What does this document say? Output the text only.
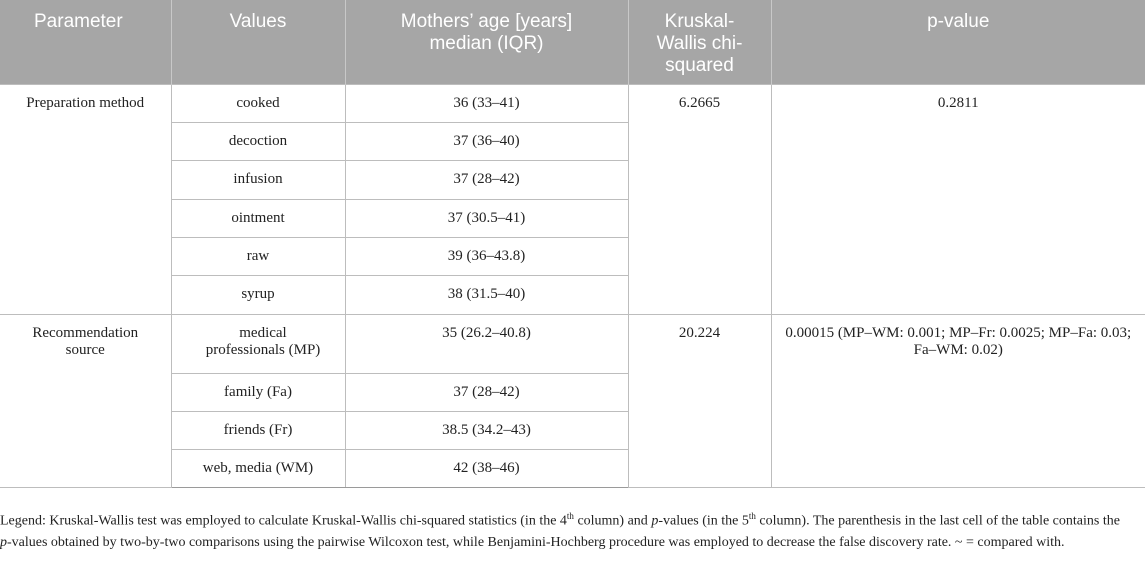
Parameter	Values	Mothers’ age [years] median (IQR)	Kruskal-Wallis chi-squared	p-value
Preparation method	cooked	36 (33–41)	6.2665	0.2811
	decoction	37 (36–40)		
	infusion	37 (28–42)		
	ointment	37 (30.5–41)		
	raw	39 (36–43.8)		
	syrup	38 (31.5–40)		
Recommendation source	medical professionals (MP)	35 (26.2–40.8)	20.224	0.00015 (MP–WM: 0.001; MP–Fr: 0.0025; MP–Fa: 0.03; Fa–WM: 0.02)
	family (Fa)	37 (28–42)		
	friends (Fr)	38.5 (34.2–43)		
	web, media (WM)	42 (38–46)		
Legend: Kruskal-Wallis test was employed to calculate Kruskal-Wallis chi-squared statistics (in the 4th column) and p-values (in the 5th column). The parenthesis in the last cell of the table contains the p-values obtained by two-by-two comparisons using the pairwise Wilcoxon test, while Benjamini-Hochberg procedure was employed to decrease the false discovery rate. ~ = compared with.
